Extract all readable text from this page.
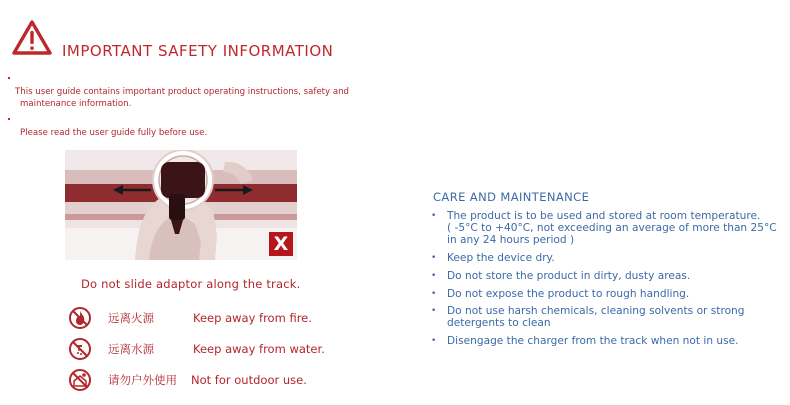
IMPORTANT SAFETY INFORMATION
This user guide contains important product operating instructions, safety and
maintenance information.
Please read the user guide fully before use.
X
Do not slide adaptor along the track.
远离火源	Keep away from fire.
远离水源	Keep away from water.
请勿户外使用 Not for outdoor use.
CARE AND MAINTENANCE
• The product is to be used and stored at room temperature.
( -5°C to +40°C, not exceeding an average of more than 25°C
in any 24 hours period )
• Keep the device dry.
• Do not store the product in dirty, dusty areas.
• Do not expose the product to rough handling.
• Do not use harsh chemicals, cleaning solvents or strong
detergents to clean
• Disengage the charger from the track when not in use.
